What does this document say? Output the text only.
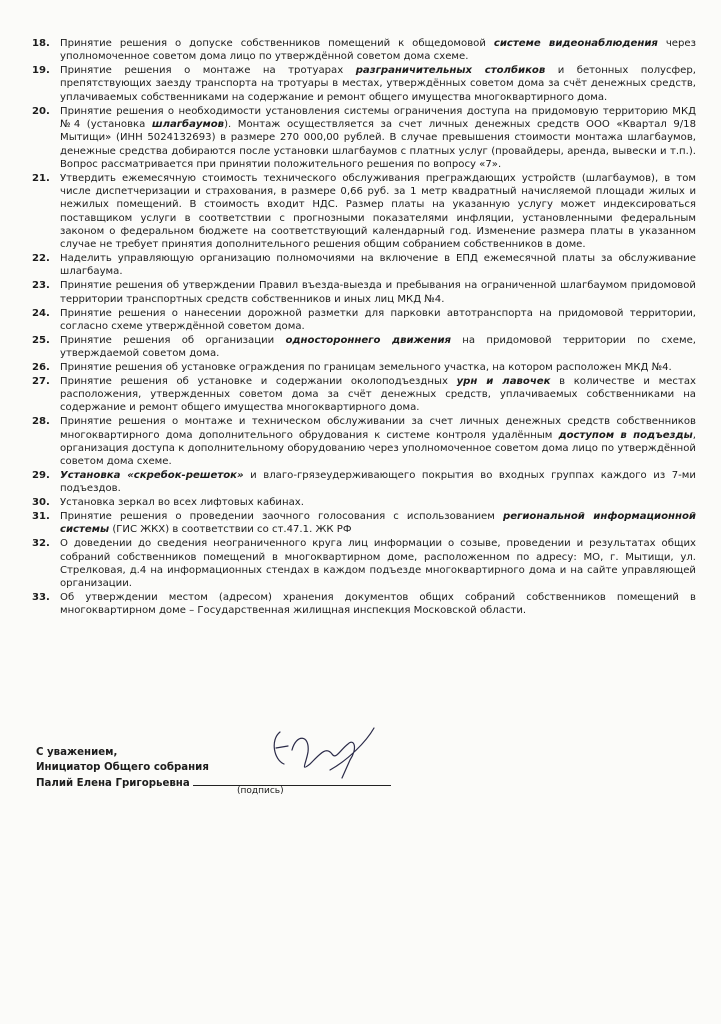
18.	Принятие решения о допуске собственников помещений к общедомовой системе видеонаблюдения через уполномоченное советом дома лицо по утверждённой советом дома схеме.
19.	Принятие решения о монтаже на тротуарах разграничительных столбиков и бетонных полусфер, препятствующих заезду транспорта на тротуары в местах, утверждённых советом дома за счёт денежных средств, уплачиваемых собственниками на содержание и ремонт общего имущества многоквартирного дома.
20.	Принятие решения о необходимости установления системы ограничения доступа на придомовую территорию МКД №4 (установка шлагбаумов). Монтаж осуществляется за счет личных денежных средств ООО «Квартал 9/18 Мытищи» (ИНН 5024132693) в размере 270 000,00 рублей. В случае превышения стоимости монтажа шлагбаумов, денежные средства добираются после установки шлагбаумов с платных услуг (провайдеры, аренда, вывески и т.п.). Вопрос рассматривается при принятии положительного решения по вопросу «7».
21.	Утвердить ежемесячную стоимость технического обслуживания преграждающих устройств (шлагбаумов), в том числе диспетчеризации и страхования, в размере 0,66 руб. за 1 метр квадратный начисляемой площади жилых и нежилых помещений. В стоимость входит НДС. Размер платы на указанную услугу может индексироваться поставщиком услуги в соответствии с прогнозными показателями инфляции, установленными федеральным законом о федеральном бюджете на соответствующий календарный год. Изменение размера платы в указанном случае не требует принятия дополнительного решения общим собранием собственников в доме.
22.	Наделить управляющую организацию полномочиями на включение в ЕПД ежемесячной платы за обслуживание шлагбаума.
23.	Принятие решения об утверждении Правил въезда-выезда и пребывания на ограниченной шлагбаумом придомовой территории транспортных средств собственников и иных лиц МКД №4.
24.	Принятие решения о нанесении дорожной разметки для парковки автотранспорта на придомовой территории, согласно схеме утверждённой советом дома.
25.	Принятие решения об организации одностороннего движения на придомовой территории по схеме, утверждаемой советом дома.
26.	Принятие решения об установке ограждения по границам земельного участка, на котором расположен МКД №4.
27.	Принятие решения об установке и содержании околоподъездных урн и лавочек в количестве и местах расположения, утвержденных советом дома за счёт денежных средств, уплачиваемых собственниками на содержание и ремонт общего имущества многоквартирного дома.
28.	Принятие решения о монтаже и техническом обслуживании за счет личных денежных средств собственников многоквартирного дома дополнительного обрудования к системе контроля удалённым доступом в подъезды, организация доступа к дополнительному оборудованию через уполномоченное советом дома лицо по утверждённой советом дома схеме.
29.	Установка «скребок-решеток» и влаго-грязеудерживающего покрытия во входных группах каждого из 7-ми подъездов.
30.	Установка зеркал во всех лифтовых кабинах.
31.	Принятие решения о проведении заочного голосования с использованием региональной информационной системы (ГИС ЖКХ) в соответствии со ст.47.1. ЖК РФ
32.	О доведении до сведения неограниченного круга лиц информации о созыве, проведении и результатах общих собраний собственников помещений в многоквартирном доме, расположенном по адресу: МО, г. Мытищи, ул. Стрелковая, д.4 на информационных стендах в каждом подъезде многоквартирного дома и на сайте управляющей организации.
33.	Об утверждении местом (адресом) хранения документов общих собраний собственников помещений в многоквартирном доме – Государственная жилищная инспекция Московской области.
С уважением,
Инициатор Общего собрания
Палий Елена Григорьевна
(подпись)
